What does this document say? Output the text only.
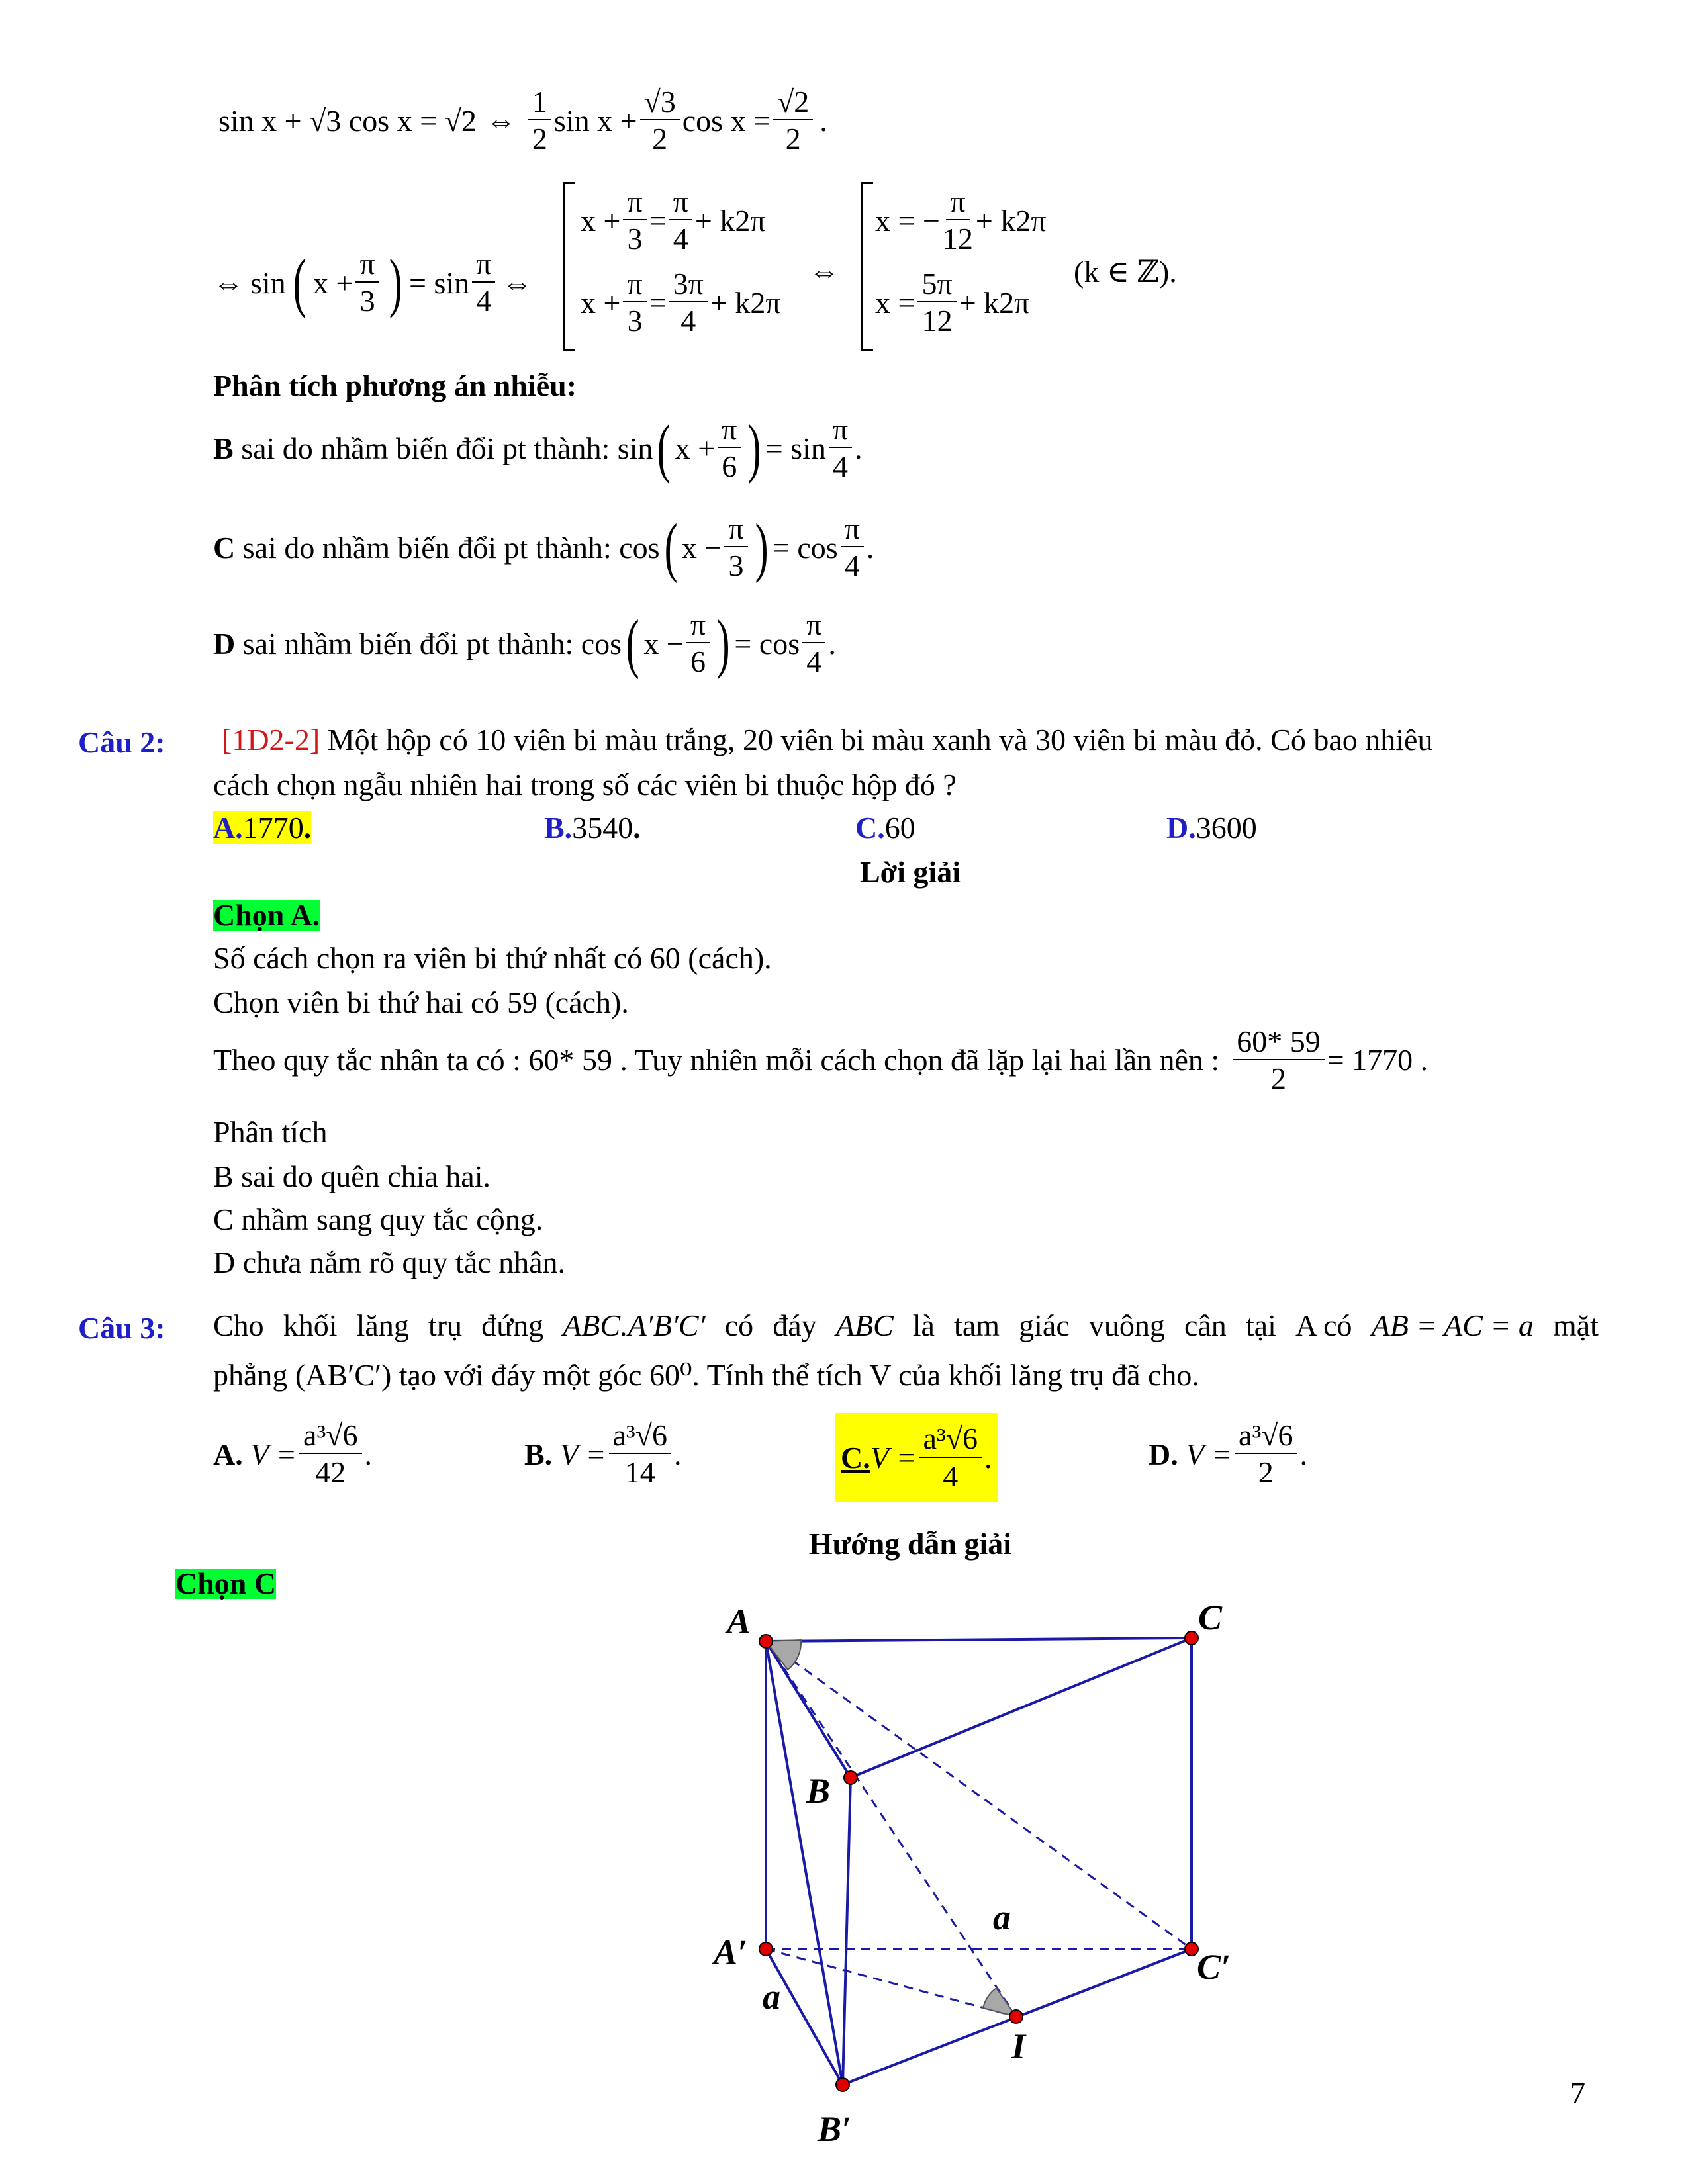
sin x + √3 cos x = √2 ⇔ $\frac{1}{2}$ $\sin x + \frac{√3}{2}$ $\cos x = \frac{√2}{2}$ .
⇔ sin ( $x + \frac{\pi}{3}$ ) = $\sin \frac{\pi}{4}$ ⇔
$x + \frac{\pi}{3} = \frac{\pi}{4} + k2\pi$
$x + \frac{\pi}{3} = \frac{3\pi}{4} + k2\pi$
⇔
x = − $\frac{\pi}{12} + k2\pi$
$x = \frac{5\pi}{12} + k2\pi$
(k ∈ ℤ).
Phân tích phương án nhiễu:
B
sai do nhầm biến đổi pt thành:
sin ( $x + \frac{\pi}{6}$ ) = $\sin \frac{\pi}{4}$ .
C
sai do nhầm biến đổi pt thành:
cos ( $x - \frac{\pi}{3}$ ) = $\cos \frac{\pi}{4}$ .
D
sai nhầm biến đổi pt thành:
cos ( $x - \frac{\pi}{6}$ ) = $\cos \frac{\pi}{4}$ .
Câu 2: [1D2-2] Một hộp có 10 viên bi màu trắng, 20 viên bi màu xanh và 30 viên bi màu đỏ. Có bao nhiêu
cách chọn ngẫu nhiên hai trong số các viên bi thuộc hộp đó ?
A.1770.	B.3540.	C.60	D.3600
Lời giải
Chọn A.
Số cách chọn ra viên bi thứ nhất có 60 (cách).
Chọn viên bi thứ hai có 59 (cách).
Theo quy tắc nhân ta có : 60* 59
. Tuy nhiên mỗi cách chọn đã lặp lại hai lần nên : $\frac{60* 59}{2} = 1770$ .
Phân tích
B sai do quên chia hai.
C nhầm sang quy tắc cộng.
D chưa nắm rõ quy tắc nhân.
Câu 3: Cho khối lăng trụ đứng ABC.A′B′C′ có đáy ABC là tam giác vuông cân tại A có AB = AC = a mặt
phẳng (AB′C′) tạo với đáy một góc 60⁰. Tính thể tích V của khối lăng trụ đã cho.
A.
$V = \frac{\text{a³√6}}{42}$ .	B.
$V = \frac{\text{a³√6}}{14}$ .	C. $V = \frac{\text{a³√6}}{4}$ .	D.
$V = \frac{\text{a³√6}}{2}$ .
Hướng dẫn giải
Chọn C
A	C
B
A′	C′
I
B′
a
a
7
